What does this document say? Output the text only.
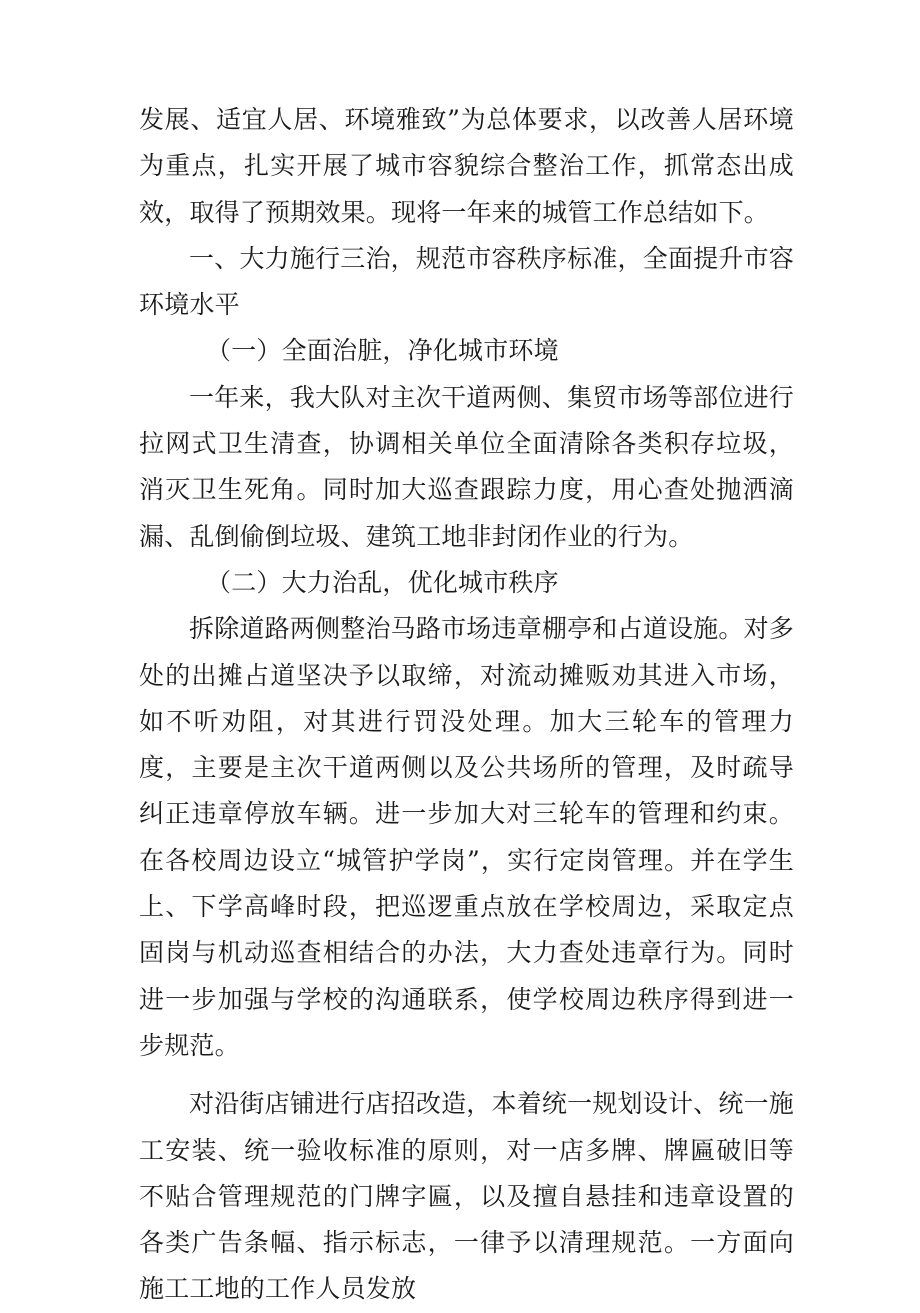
发展、适宜人居、环境雅致”为总体要求，以改善人居环境为重点，扎实开展了城市容貌综合整治工作，抓常态出成效，取得了预期效果。现将一年来的城管工作总结如下。

一、大力施行三治，规范市容秩序标准，全面提升市容环境水平

（一）全面治脏，净化城市环境

一年来，我大队对主次干道两侧、集贸市场等部位进行拉网式卫生清查，协调相关单位全面清除各类积存垃圾，消灭卫生死角。同时加大巡查跟踪力度，用心查处抛洒滴漏、乱倒偷倒垃圾、建筑工地非封闭作业的行为。

（二）大力治乱，优化城市秩序

拆除道路两侧整治马路市场违章棚亭和占道设施。对多处的出摊占道坚决予以取缔，对流动摊贩劝其进入市场，如不听劝阻，对其进行罚没处理。加大三轮车的管理力度，主要是主次干道两侧以及公共场所的管理，及时疏导纠正违章停放车辆。进一步加大对三轮车的管理和约束。在各校周边设立“城管护学岗”，实行定岗管理。并在学生上、下学高峰时段，把巡逻重点放在学校周边，采取定点固岗与机动巡查相结合的办法，大力查处违章行为。同时进一步加强与学校的沟通联系，使学校周边秩序得到进一步规范。

对沿街店铺进行店招改造，本着统一规划设计、统一施工安装、统一验收标准的原则，对一店多牌、牌匾破旧等不贴合管理规范的门牌字匾，以及擅自悬挂和违章设置的各类广告条幅、指示标志，一律予以清理规范。一方面向施工工地的工作人员发放
